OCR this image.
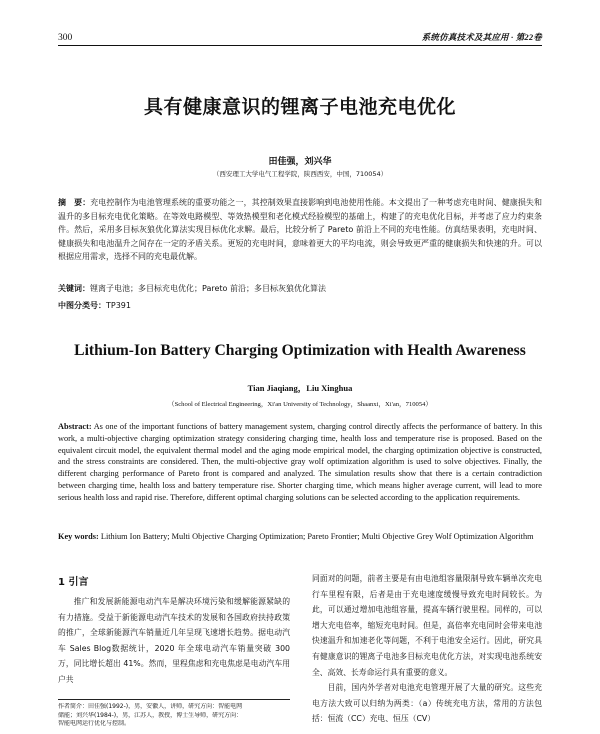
300	系统仿真技术及其应用 · 第22卷
具有健康意识的锂离子电池充电优化
田佳强，刘兴华
（西安理工大学电气工程学院，陕西西安，中国，710054）
摘　要：充电控制作为电池管理系统的重要功能之一，其控制效果直接影响到电池使用性能。本文提出了一种考虑充电时间、健康损失和温升的多目标充电优化策略。在等效电路模型、等效热模型和老化模式经验模型的基础上，构建了的充电优化目标，并考虑了应力约束条件。然后，采用多目标灰狼优化算法实现目标优化求解。最后，比较分析了 Pareto 前沿上不同的充电性能。仿真结果表明，充电时间、健康损失和电池温升之间存在一定的矛盾关系。更短的充电时间，意味着更大的平均电流，则会导致更严重的健康损失和快速的升。可以根据应用需求，选择不同的充电最优解。
关键词：锂离子电池；多目标充电优化；Pareto 前沿；多目标灰狼优化算法
中图分类号：TP391
Lithium-Ion Battery Charging Optimization with Health Awareness
Tian Jiaqiang，Liu Xinghua
（School of Electrical Engineering，Xi'an University of Technology，Shaanxi，Xi'an，710054）
Abstract: As one of the important functions of battery management system, charging control directly affects the performance of battery. In this work, a multi-objective charging optimization strategy considering charging time, health loss and temperature rise is proposed. Based on the equivalent circuit model, the equivalent thermal model and the aging mode empirical model, the charging optimization objective is constructed, and the stress constraints are considered. Then, the multi-objective gray wolf optimization algorithm is used to solve objectives. Finally, the different charging performance of Pareto front is compared and analyzed. The simulation results show that there is a certain contradiction between charging time, health loss and battery temperature rise. Shorter charging time, which means higher average current, will lead to more serious health loss and rapid rise. Therefore, different optimal charging solutions can be selected according to the application requirements.
Key words: Lithium Ion Battery; Multi Objective Charging Optimization; Pareto Frontier; Multi Objective Grey Wolf Optimization Algorithm
1 引言

推广和发展新能源电动汽车是解决环境污染和缓解能源紧缺的有力措施。受益于新能源电动汽车技术的发展和各国政府扶持政策的推广，全球新能源汽车销量近几年呈现飞速增长趋势。据电动汽车 Sales Blog数据统计，2020 年全球电动汽车销量突破 300 万，同比增长超出 41%。然而，里程焦虑和充电焦虑是电动汽车用户共

同面对的问题，前者主要是有由电池组容量限制导致车辆单次充电行车里程有限，后者是由于充电速度缓慢导致充电时间较长。为此，可以通过增加电池组容量，提高车辆行驶里程。同样的，可以增大充电倍率，缩短充电时间。但是，高倍率充电同时会带来电池快速温升和加速老化等问题，不利于电池安全运行。因此，研究具有健康意识的锂离子电池多目标充电优化方法，对实现电池系统安全、高效、长寿命运行具有重要的意义。

目前，国内外学者对电池充电管理开展了大量的研究。这些充电方法大致可以归纳为两类：（a）传统充电方法，常用的方法包括：恒流（CC）充电、恒压（CV）

作者简介：田佳强(1992-)，男，安徽人，讲师，研究方向：智能电网
储能；刘兴华(1984-)，男，江苏人，教授，博士生导师，研究方向：
智能电网运行优化与控制。
